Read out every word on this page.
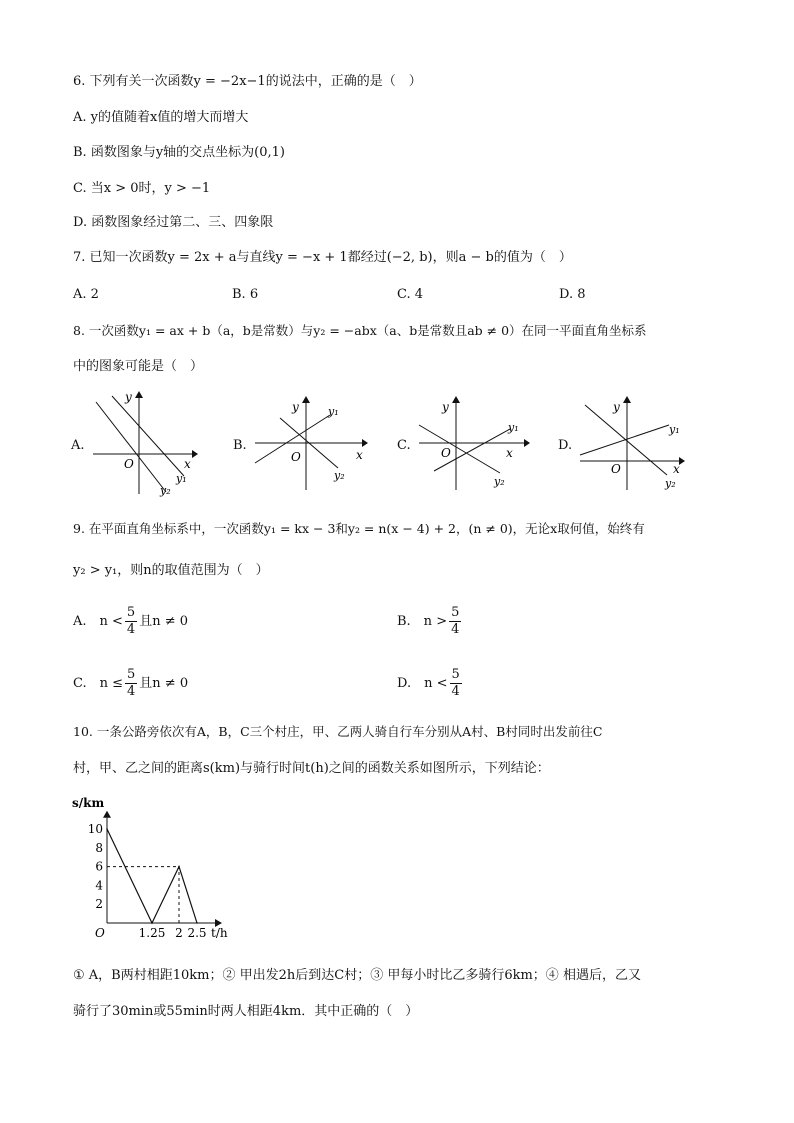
6. 下列有关一次函数y = −2x−1的说法中，正确的是（　）
A. y的值随着x值的增大而增大
B. 函数图象与y轴的交点坐标为(0,1)
C. 当x > 0时，y > −1
D. 函数图象经过第二、三、四象限
7. 已知一次函数y = 2x + a与直线y = −x + 1都经过(−2, b)，则a − b的值为（　）
A. 2	B. 6	C. 4	D. 8
8. 一次函数y₁ = ax + b（a，b是常数）与y₂ = −abx（a、b是常数且ab ≠ 0）在同一平面直角坐标系
中的图象可能是（　）
A.
y
x
O
y₁
y₂
B.
y
x
O
y₁
y₂
C.
y
x
O
y₁
y₂
D.
y
x
O
y₁
y₂
9. 在平面直角坐标系中，一次函数y₁ = kx − 3和y₂ = n(x − 4) + 2，(n ≠ 0)，无论x取何值，始终有
y₂ > y₁，则n的取值范围为（　）
A.　$n < \frac{5}{4}$ 且n ≠ 0	B.　$n > \frac{5}{4}$
C.　$n \le \frac{5}{4}$ 且n ≠ 0	D.　$n < \frac{5}{4}$
10. 一条公路旁依次有A，B，C三个村庄，甲、乙两人骑自行车分别从A村、B村同时出发前往C
村，甲、乙之间的距离s(km)与骑行时间t(h)之间的函数关系如图所示，下列结论：
s/km
t/h
O
2
4
6
8
10
1.25 2 2.5
① A，B两村相距10km；② 甲出发2h后到达C村；③ 甲每小时比乙多骑行6km；④ 相遇后，乙又
骑行了30min或55min时两人相距4km．其中正确的（　）
